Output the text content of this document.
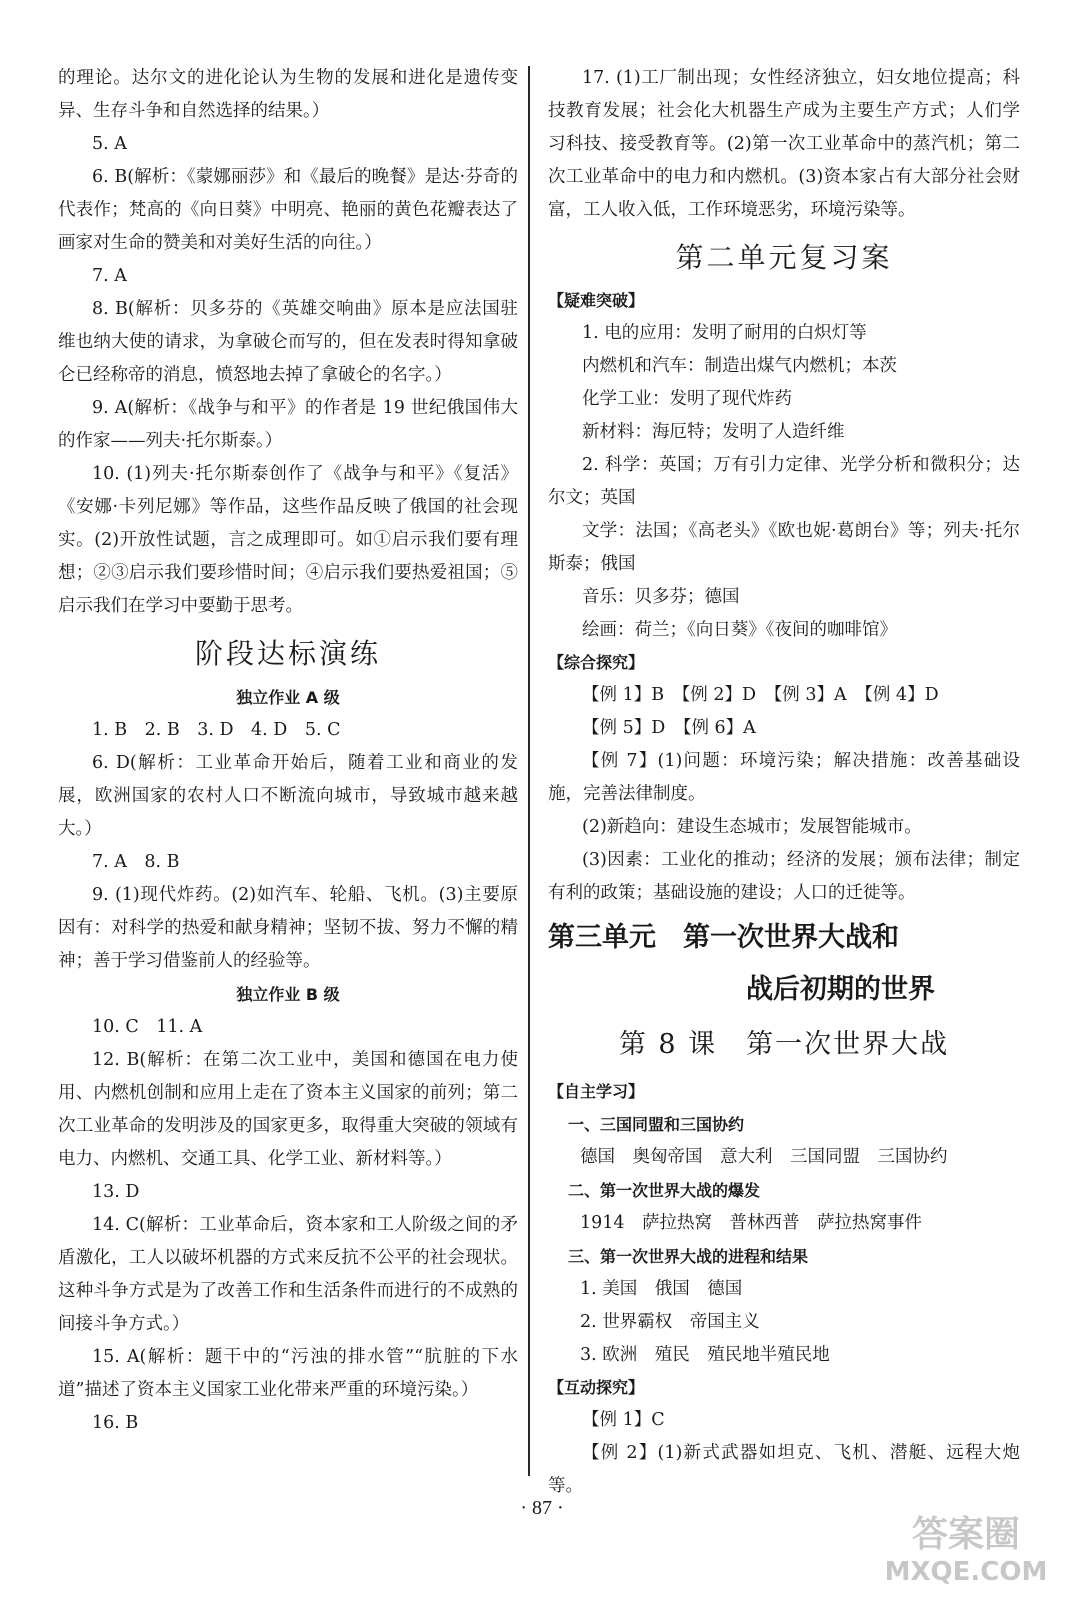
的理论。达尔文的进化论认为生物的发展和进化是遗传变异、生存斗争和自然选择的结果。）

5. A

6. B(解析：《蒙娜丽莎》和《最后的晚餐》是达·芬奇的代表作；梵高的《向日葵》中明亮、艳丽的黄色花瓣表达了画家对生命的赞美和对美好生活的向往。）

7. A

8. B(解析：贝多芬的《英雄交响曲》原本是应法国驻维也纳大使的请求，为拿破仑而写的，但在发表时得知拿破仑已经称帝的消息，愤怒地去掉了拿破仑的名字。）

9. A(解析：《战争与和平》的作者是 19 世纪俄国伟大的作家——列夫·托尔斯泰。）

10. (1)列夫·托尔斯泰创作了《战争与和平》《复活》《安娜·卡列尼娜》等作品，这些作品反映了俄国的社会现实。(2)开放性试题，言之成理即可。如①启示我们要有理想；②③启示我们要珍惜时间；④启示我们要热爱祖国；⑤启示我们在学习中要勤于思考。

阶段达标演练

独立作业 A 级

1. B　2. B　3. D　4. D　5. C

6. D(解析：工业革命开始后，随着工业和商业的发展，欧洲国家的农村人口不断流向城市，导致城市越来越大。）

7. A　8. B

9. (1)现代炸药。(2)如汽车、轮船、飞机。(3)主要原因有：对科学的热爱和献身精神；坚韧不拔、努力不懈的精神；善于学习借鉴前人的经验等。

独立作业 B 级

10. C　11. A

12. B(解析：在第二次工业中，美国和德国在电力使用、内燃机创制和应用上走在了资本主义国家的前列；第二次工业革命的发明涉及的国家更多，取得重大突破的领域有电力、内燃机、交通工具、化学工业、新材料等。）

13. D

14. C(解析：工业革命后，资本家和工人阶级之间的矛盾激化，工人以破坏机器的方式来反抗不公平的社会现状。这种斗争方式是为了改善工作和生活条件而进行的不成熟的间接斗争方式。）

15. A(解析：题干中的“污浊的排水管”“肮脏的下水道”描述了资本主义国家工业化带来严重的环境污染。）

16. B

17. (1)工厂制出现；女性经济独立，妇女地位提高；科技教育发展；社会化大机器生产成为主要生产方式；人们学习科技、接受教育等。(2)第一次工业革命中的蒸汽机；第二次工业革命中的电力和内燃机。(3)资本家占有大部分社会财富，工人收入低，工作环境恶劣，环境污染等。

第二单元复习案

【疑难突破】

1. 电的应用：发明了耐用的白炽灯等

内燃机和汽车：制造出煤气内燃机；本茨

化学工业：发明了现代炸药

新材料：海厄特；发明了人造纤维

2. 科学：英国；万有引力定律、光学分析和微积分；达尔文；英国

文学：法国；《高老头》《欧也妮·葛朗台》等；列夫·托尔斯泰；俄国

音乐：贝多芬；德国

绘画：荷兰；《向日葵》《夜间的咖啡馆》

【综合探究】

【例 1】B　【例 2】D　【例 3】A　【例 4】D

【例 5】D　【例 6】A

【例 7】(1)问题：环境污染；解决措施：改善基础设施，完善法律制度。

(2)新趋向：建设生态城市；发展智能城市。

(3)因素：工业化的推动；经济的发展；颁布法律；制定有利的政策；基础设施的建设；人口的迁徙等。

第三单元　第一次世界大战和
战后初期的世界
第 8 课　第一次世界大战

【自主学习】

一、三国同盟和三国协约

德国　奥匈帝国　意大利　三国同盟　三国协约

二、第一次世界大战的爆发

1914　萨拉热窝　普林西普　萨拉热窝事件

三、第一次世界大战的进程和结果

1. 美国　俄国　德国

2. 世界霸权　帝国主义

3. 欧洲　殖民　殖民地半殖民地

【互动探究】

【例 1】C

【例 2】(1)新式武器如坦克、飞机、潜艇、远程大炮等。

· 87 ·
答案圈
MXQE.COM
